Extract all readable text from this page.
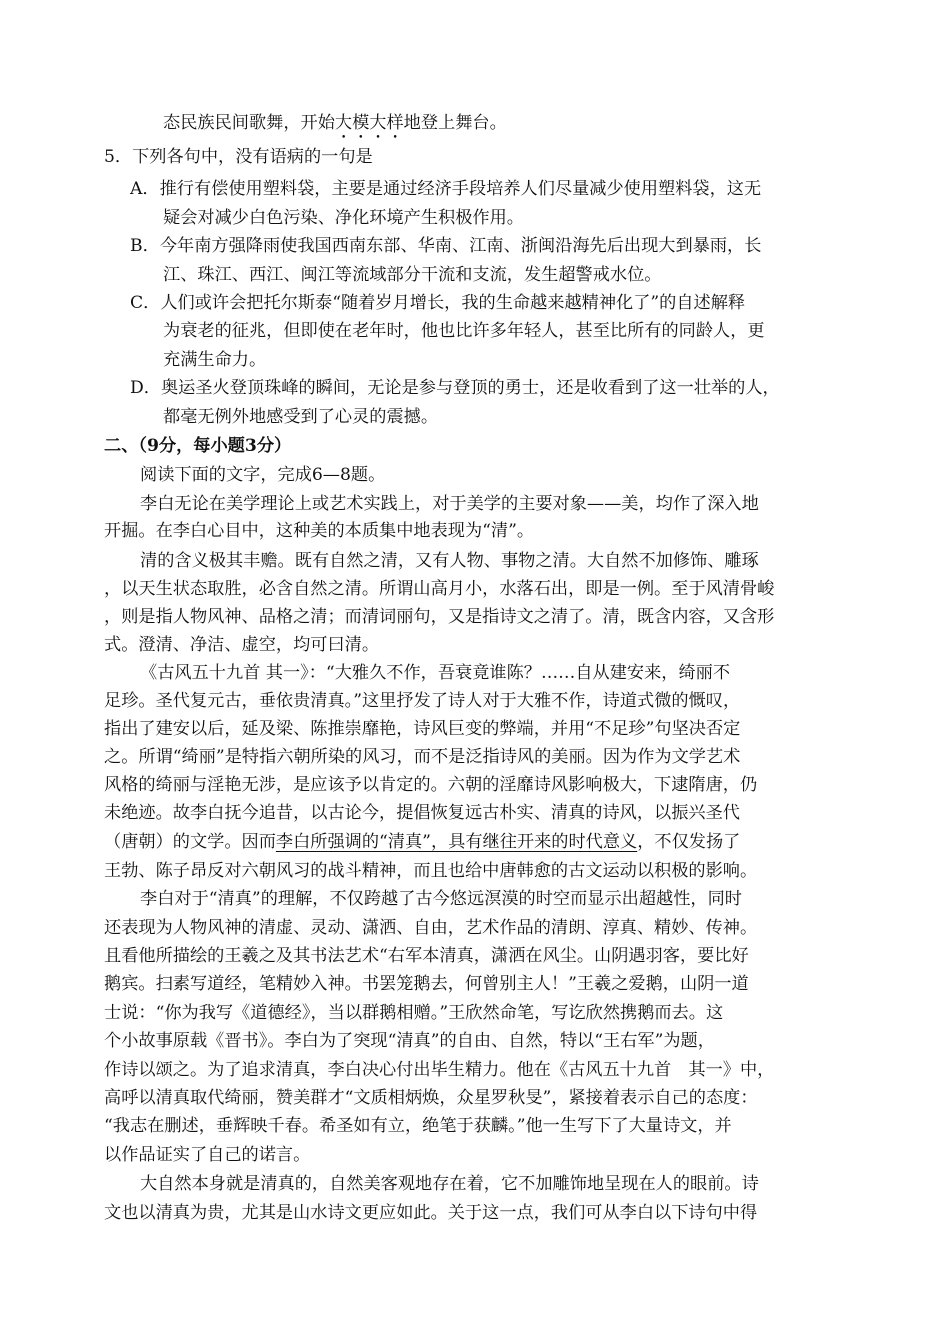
态民族民间歌舞，开始大模大样地登上舞台。
5．下列各句中，没有语病的一句是
A．推行有偿使用塑料袋，主要是通过经济手段培养人们尽量减少使用塑料袋，这无
疑会对减少白色污染、净化环境产生积极作用。
B．今年南方强降雨使我国西南东部、华南、江南、浙闽沿海先后出现大到暴雨，长
江、珠江、西江、闽江等流域部分干流和支流，发生超警戒水位。
C．人们或许会把托尔斯泰“随着岁月增长，我的生命越来越精神化了”的自述解释
为衰老的征兆，但即使在老年时，他也比许多年轻人，甚至比所有的同龄人，更
充满生命力。
D．奥运圣火登顶珠峰的瞬间，无论是参与登顶的勇士，还是收看到了这一壮举的人，
都毫无例外地感受到了心灵的震撼。
二、（9分，每小题3分）
阅读下面的文字，完成6—8题。
李白无论在美学理论上或艺术实践上，对于美学的主要对象——美，均作了深入地
开掘。在李白心目中，这种美的本质集中地表现为“清”。
清的含义极其丰赡。既有自然之清，又有人物、事物之清。大自然不加修饰、雕琢
，以天生状态取胜，必含自然之清。所谓山高月小，水落石出，即是一例。至于风清骨峻
，则是指人物风神、品格之清；而清词丽句，又是指诗文之清了。清，既含内容，又含形
式。澄清、净洁、虚空，均可曰清。
《古风五十九首 其一》：“大雅久不作，吾衰竟谁陈？……自从建安来，绮丽不
足珍。圣代复元古，垂依贵清真。”这里抒发了诗人对于大雅不作，诗道式微的慨叹，
指出了建安以后，延及梁、陈推崇靡艳，诗风巨变的弊端，并用“不足珍”句坚决否定
之。所谓“绮丽”是特指六朝所染的风习，而不是泛指诗风的美丽。因为作为文学艺术
风格的绮丽与淫艳无涉，是应该予以肯定的。六朝的淫靡诗风影响极大，下逮隋唐，仍
未绝迹。故李白抚今追昔，以古论今，提倡恢复远古朴实、清真的诗风，以振兴圣代
（唐朝）的文学。因而李白所强调的“清真”，具有继往开来的时代意义，不仅发扬了
王勃、陈子昂反对六朝风习的战斗精神，而且也给中唐韩愈的古文运动以积极的影响。
李白对于“清真”的理解，不仅跨越了古今悠远溟漠的时空而显示出超越性，同时
还表现为人物风神的清虚、灵动、潇洒、自由，艺术作品的清朗、淳真、精妙、传神。
且看他所描绘的王羲之及其书法艺术“右军本清真，潇洒在风尘。山阴遇羽客，要比好
鹅宾。扫素写道经，笔精妙入神。书罢笼鹅去，何曾别主人！”王羲之爱鹅，山阴一道
士说：“你为我写《道德经》，当以群鹅相赠。”王欣然命笔，写讫欣然携鹅而去。这
个小故事原载《晋书》。李白为了突现“清真”的自由、自然，特以“王右军”为题，
作诗以颂之。为了追求清真，李白决心付出毕生精力。他在《古风五十九首　其一》中，
高呼以清真取代绮丽，赞美群才“文质相炳焕，众星罗秋旻”，紧接着表示自己的态度：
“我志在删述，垂辉映千春。希圣如有立，绝笔于获麟。”他一生写下了大量诗文，并
以作品证实了自己的诺言。
大自然本身就是清真的，自然美客观地存在着，它不加雕饰地呈现在人的眼前。诗
文也以清真为贵，尤其是山水诗文更应如此。关于这一点，我们可从李白以下诗句中得
